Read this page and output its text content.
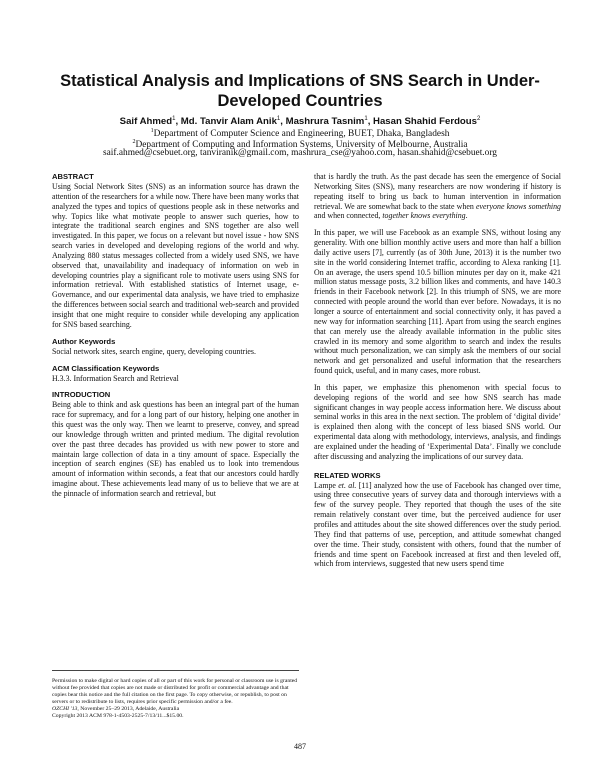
Statistical Analysis and Implications of SNS Search in Under-Developed Countries
Saif Ahmed$^1$, Md. Tanvir Alam Anik$^1$, Mashrura Tasnim$^1$, Hasan Shahid Ferdous$^2$
$^1$Department of Computer Science and Engineering, BUET, Dhaka, Bangladesh
$^2$Department of Computing and Information Systems, University of Melbourne, Australia
saif.ahmed@csebuet.org, tanviranik@gmail.com, mashrura_cse@yahoo.com, hasan.shahid@csebuet.org
ABSTRACT

Using Social Network Sites (SNS) as an information source has drawn the attention of the researchers for a while now. There have been many works that analyzed the types and topics of questions people ask in these networks and why. Topics like what motivate people to answer such queries, how to integrate the traditional search engines and SNS together are also well investigated. In this paper, we focus on a relevant but novel issue - how SNS search varies in developed and developing regions of the world and why. Analyzing 880 status messages collected from a widely used SNS, we have observed that, unavailability and inadequacy of information on web in developing countries play a significant role to motivate users using SNS for information retrieval. With established statistics of Internet usage, e-Governance, and our experimental data analysis, we have tried to emphasize the differences between social search and traditional web-search and provided insight that one might require to consider while developing any application for SNS based searching.

Author Keywords

Social network sites, search engine, query, developing countries.

ACM Classification Keywords

H.3.3. Information Search and Retrieval

INTRODUCTION

Being able to think and ask questions has been an integral part of the human race for supremacy, and for a long part of our history, helping one another in this quest was the only way. Then we learnt to preserve, convey, and spread our knowledge through written and printed medium. The digital revolution over the past three decades has provided us with new power to store and maintain large collection of data in a tiny amount of space. Especially the inception of search engines (SE) has enabled us to look into tremendous amount of information within seconds, a feat that our ancestors could hardly imagine about. These achievements lead many of us to believe that we are at the pinnacle of information search and retrieval, but

Permission to make digital or hard copies of all or part of this work for personal or classroom use is granted without fee provided that copies are not made or distributed for profit or commercial advantage and that copies bear this notice and the full citation on the first page. To copy otherwise, or republish, to post on servers or to redistribute to lists, requires prior specific permission and/or a fee.

OZCHI '13, November 25–29 2013, Adelaide, Australia

Copyright 2013 ACM 978-1-4503-2525-7/13/11...$15.00.

that is hardly the truth. As the past decade has seen the emergence of Social Networking Sites (SNS), many researchers are now wondering if history is repeating itself to bring us back to human intervention in information retrieval. We are somewhat back to the state when everyone knows something and when connected, together knows everything.

In this paper, we will use Facebook as an example SNS, without losing any generality. With one billion monthly active users and more than half a billion daily active users [7], currently (as of 30th June, 2013) it is the number two site in the world considering Internet traffic, according to Alexa ranking [1]. On an average, the users spend 10.5 billion minutes per day on it, make 421 million status message posts, 3.2 billion likes and comments, and have 140.3 friends in their Facebook network [2]. In this triumph of SNS, we are more connected with people around the world than ever before. Nowadays, it is no longer a source of entertainment and social connectivity only, it has paved a new way for information searching [11]. Apart from using the search engines that can merely use the already available information in the public sites crawled in its memory and some algorithm to search and index the results without much personalization, we can simply ask the members of our social network and get personalized and useful information that the researchers found quick, useful, and in many cases, more robust.

In this paper, we emphasize this phenomenon with special focus to developing regions of the world and see how SNS search has made significant changes in way people access information here. We discuss about seminal works in this area in the next section. The problem of ‘digital divide’ is explained then along with the concept of less biased SNS world. Our experimental data along with methodology, interviews, analysis, and findings are explained under the heading of ‘Experimental Data’. Finally we conclude after discussing and analyzing the implications of our survey data.

RELATED WORKS

Lampe et. al. [11] analyzed how the use of Facebook has changed over time, using three consecutive years of survey data and thorough interviews with a few of the survey people. They reported that though the uses of the site remain relatively constant over time, but the perceived audience for user profiles and attitudes about the site showed differences over the study period. They find that patterns of use, perception, and attitude somewhat changed over the time. Their study, consistent with others, found that the number of friends and time spent on Facebook increased at first and then leveled off, which from interviews, suggested that new users spend time

487
